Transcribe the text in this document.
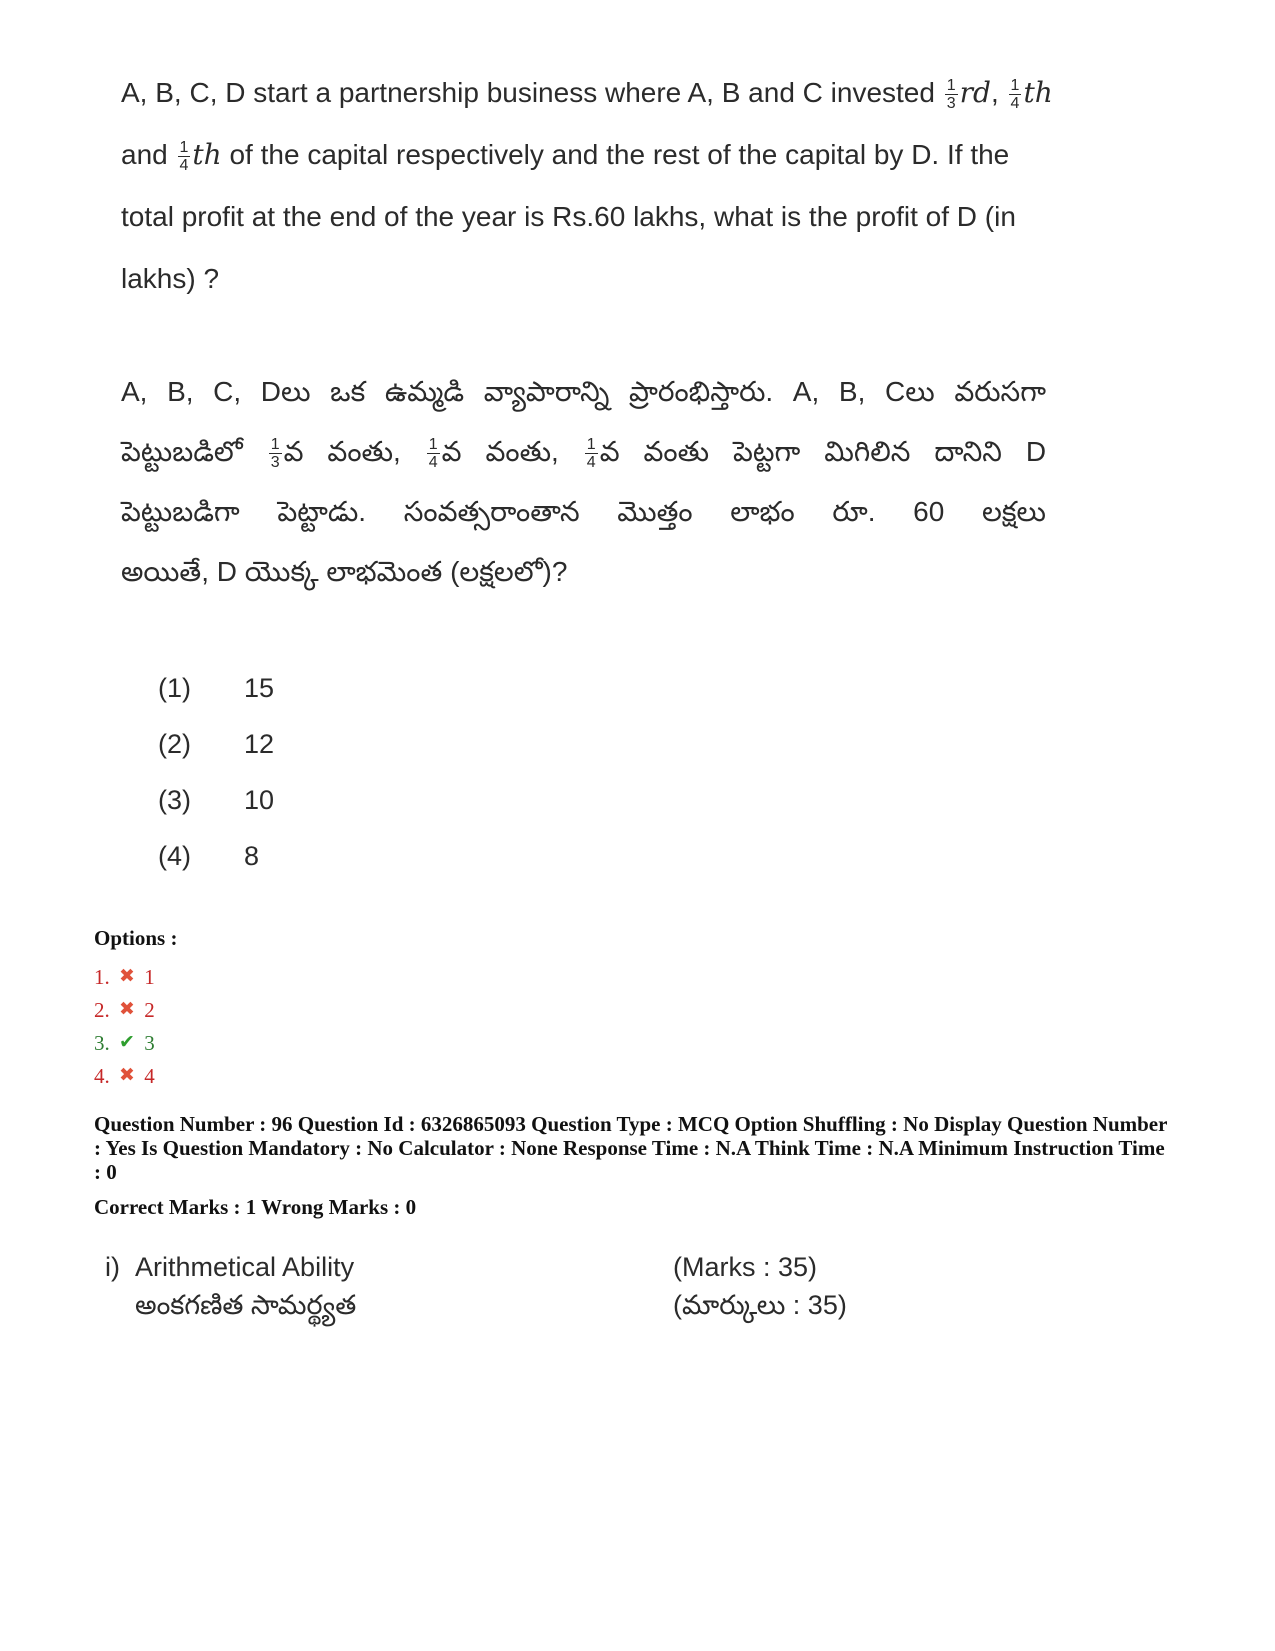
A, B, C, D start a partnership business where A, B and C invested $\frac{1}{3}$ rd, $\frac{1}{4}$ th
and $\frac{1}{4}$ th of the capital respectively and the rest of the capital by D. If the
total profit at the end of the year is Rs.60 lakhs, what is the profit of D (in
lakhs) ?
A, B, C, Dలు ఒక ఉమ్మడి వ్యాపారాన్ని ప్రారంభిస్తారు. A, B, Cలు వరుసగా
పెట్టుబడిలో $\frac{1}{3}$ వ వంతు, $\frac{1}{4}$ వ వంతు, $\frac{1}{4}$ వ వంతు పెట్టగా మిగిలిన దానిని D
పెట్టుబడిగా పెట్టాడు. సంవత్సరాంతాన మొత్తం లాభం రూ. 60 లక్షలు
అయితే, D యొక్క లాభమెంత (లక్షలలో)?
(1) 15
(2) 12
(3) 10
(4) 8
Options :
1. ✖ 1
2. ✖ 2
3. ✔ 3
4. ✖ 4
Question Number : 96 Question Id : 6326865093 Question Type : MCQ Option Shuffling : No Display Question Number : Yes Is Question Mandatory : No Calculator : None Response Time : N.A Think Time : N.A Minimum Instruction Time : 0
Correct Marks : 1 Wrong Marks : 0
i) Arithmetical Ability	(Marks : 35)
అంకగణిత సామర్థ్యత	(మార్కులు : 35)
